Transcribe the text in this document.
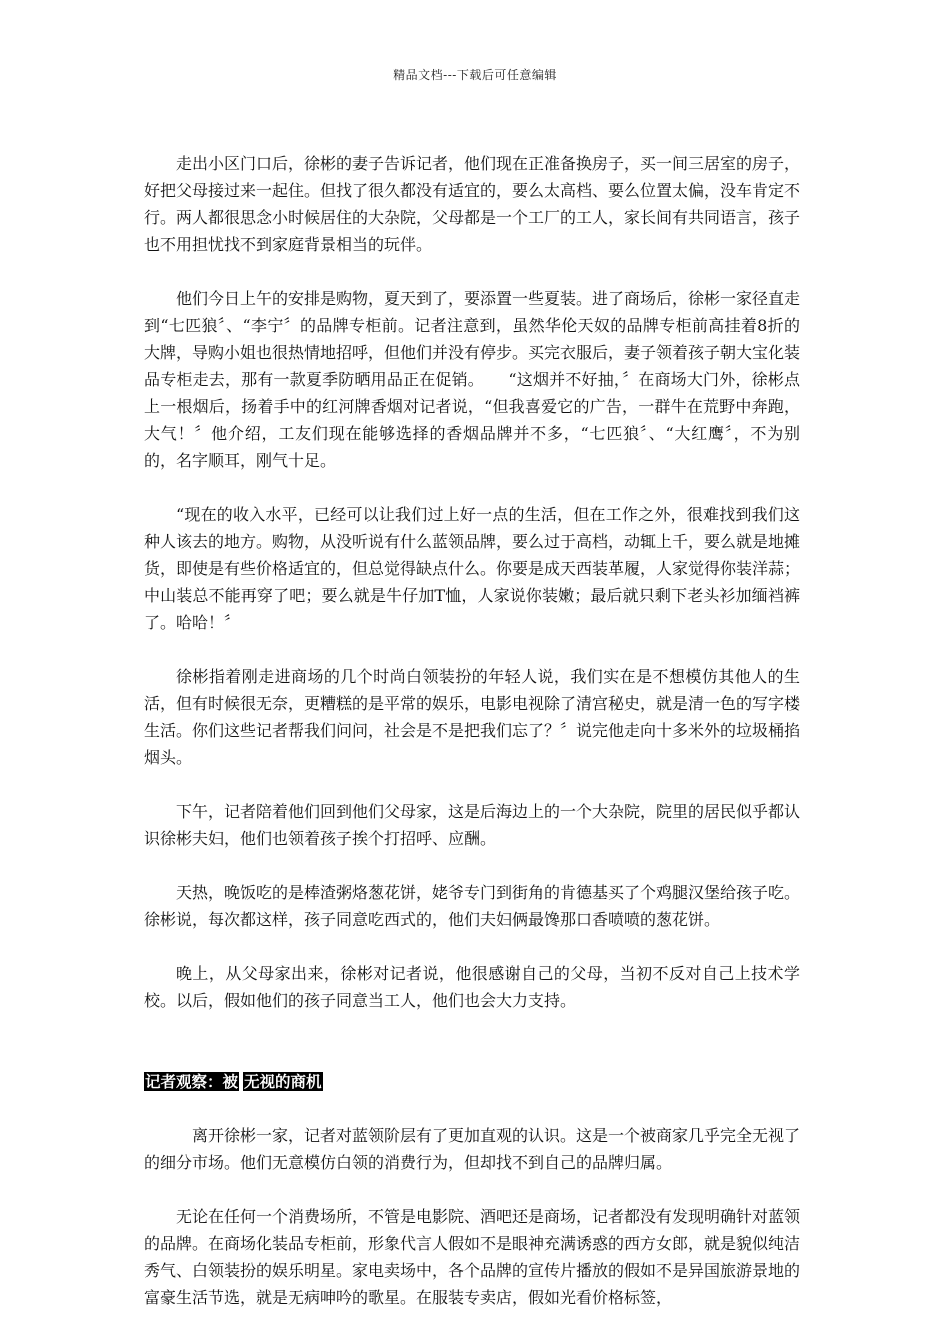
精品文档---下载后可任意编辑

走出小区门口后，徐彬的妻子告诉记者，他们现在正准备换房子，买一间三居室的房子，好把父母接过来一起住。但找了很久都没有适宜的，要么太高档、要么位置太偏，没车肯定不行。两人都很思念小时候居住的大杂院，父母都是一个工厂的工人，家长间有共同语言，孩子也不用担忧找不到家庭背景相当的玩伴。

他们今日上午的安排是购物，夏天到了，要添置一些夏装。进了商场后，徐彬一家径直走到“七匹狼〞、“李宁〞的品牌专柜前。记者注意到，虽然华伦天奴的品牌专柜前高挂着8折的大牌，导购小姐也很热情地招呼，但他们并没有停步。买完衣服后，妻子领着孩子朝大宝化装品专柜走去，那有一款夏季防晒用品正在促销。　　“这烟并不好抽，〞在商场大门外，徐彬点上一根烟后，扬着手中的红河牌香烟对记者说，“但我喜爱它的广告，一群牛在荒野中奔跑，大气！〞他介绍，工友们现在能够选择的香烟品牌并不多，“七匹狼〞、“大红鹰〞，不为别的，名字顺耳，刚气十足。

“现在的收入水平，已经可以让我们过上好一点的生活，但在工作之外，很难找到我们这种人该去的地方。购物，从没听说有什么蓝领品牌，要么过于高档，动辄上千，要么就是地摊货，即使是有些价格适宜的，但总觉得缺点什么。你要是成天西装革履，人家觉得你装洋蒜；中山装总不能再穿了吧；要么就是牛仔加T恤，人家说你装嫩；最后就只剩下老头衫加缅裆裤了。哈哈！〞

徐彬指着刚走进商场的几个时尚白领装扮的年轻人说，我们实在是不想模仿其他人的生活，但有时候很无奈，更糟糕的是平常的娱乐，电影电视除了清宫秘史，就是清一色的写字楼生活。你们这些记者帮我们问问，社会是不是把我们忘了？〞说完他走向十多米外的垃圾桶掐烟头。

下午，记者陪着他们回到他们父母家，这是后海边上的一个大杂院，院里的居民似乎都认识徐彬夫妇，他们也领着孩子挨个打招呼、应酬。

天热，晚饭吃的是棒渣粥烙葱花饼，姥爷专门到街角的肯德基买了个鸡腿汉堡给孩子吃。徐彬说，每次都这样，孩子同意吃西式的，他们夫妇俩最馋那口香喷喷的葱花饼。

晚上，从父母家出来，徐彬对记者说，他很感谢自己的父母，当初不反对自己上技术学校。以后，假如他们的孩子同意当工人，他们也会大力支持。

记者观察：被 无视的商机

离开徐彬一家，记者对蓝领阶层有了更加直观的认识。这是一个被商家几乎完全无视了的细分市场。他们无意模仿白领的消费行为，但却找不到自己的品牌归属。

无论在任何一个消费场所，不管是电影院、酒吧还是商场，记者都没有发现明确针对蓝领的品牌。在商场化装品专柜前，形象代言人假如不是眼神充满诱惑的西方女郎，就是貌似纯洁秀气、白领装扮的娱乐明星。家电卖场中，各个品牌的宣传片播放的假如不是异国旅游景地的富豪生活节选，就是无病呻吟的歌星。在服装专卖店，假如光看价格标签，
